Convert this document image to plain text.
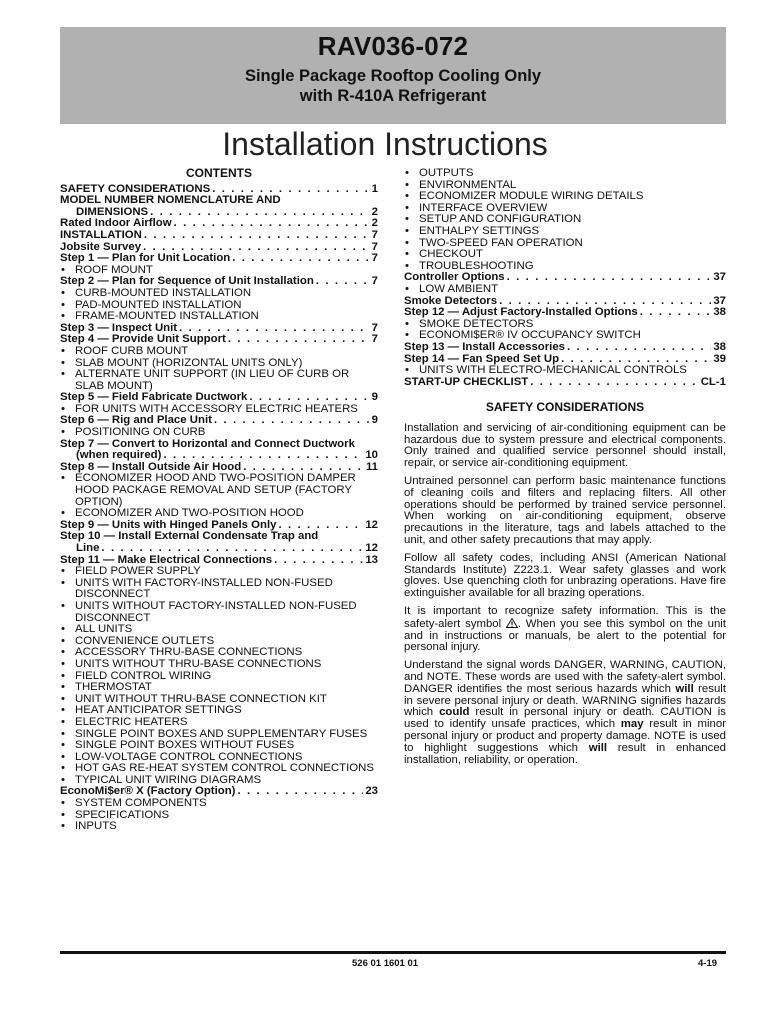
RAV036-072
Single Package Rooftop Cooling Only
with R-410A Refrigerant
Installation Instructions
CONTENTS
SAFETY CONSIDERATIONS . . .	1
MODEL NUMBER NOMENCLATURE AND
DIMENSIONS . . .	2
Rated Indoor Airflow . . .	2
INSTALLATION . . .	7
Jobsite Survey . . .	7
Step 1 — Plan for Unit Location . . .	7
• ROOF MOUNT
Step 2 — Plan for Sequence of Unit Installation . . .	7
• CURB-MOUNTED INSTALLATION
• PAD-MOUNTED INSTALLATION
• FRAME-MOUNTED INSTALLATION
Step 3 — Inspect Unit . . .	7
Step 4 — Provide Unit Support . . .	7
• ROOF CURB MOUNT
• SLAB MOUNT (HORIZONTAL UNITS ONLY)
• ALTERNATE UNIT SUPPORT (IN LIEU OF CURB OR SLAB MOUNT)
Step 5 — Field Fabricate Ductwork . . .	9
• FOR UNITS WITH ACCESSORY ELECTRIC HEATERS
Step 6 — Rig and Place Unit . . .	9
• POSITIONING ON CURB
Step 7 — Convert to Horizontal and Connect Ductwork
(when required) . . .	10
Step 8 — Install Outside Air Hood . . .	11
• ECONOMIZER HOOD AND TWO-POSITION DAMPER HOOD PACKAGE REMOVAL AND SETUP (FACTORY OPTION)
• ECONOMIZER AND TWO-POSITION HOOD
Step 9 — Units with Hinged Panels Only . . .	12
Step 10 — Install External Condensate Trap and
Line . . .	12
Step 11 — Make Electrical Connections . . .	13
• FIELD POWER SUPPLY
• UNITS WITH FACTORY-INSTALLED NON-FUSED DISCONNECT
• UNITS WITHOUT FACTORY-INSTALLED NON-FUSED DISCONNECT
• ALL UNITS
• CONVENIENCE OUTLETS
• ACCESSORY THRU-BASE CONNECTIONS
• UNITS WITHOUT THRU-BASE CONNECTIONS
• FIELD CONTROL WIRING
• THERMOSTAT
• UNIT WITHOUT THRU-BASE CONNECTION KIT
• HEAT ANTICIPATOR SETTINGS
• ELECTRIC HEATERS
• SINGLE POINT BOXES AND SUPPLEMENTARY FUSES
• SINGLE POINT BOXES WITHOUT FUSES
• LOW-VOLTAGE CONTROL CONNECTIONS
• HOT GAS RE-HEAT SYSTEM CONTROL CONNECTIONS
• TYPICAL UNIT WIRING DIAGRAMS
EconoMi$er® X (Factory Option) . . .	23
• SYSTEM COMPONENTS
• SPECIFICATIONS
• INPUTS
• OUTPUTS
• ENVIRONMENTAL
• ECONOMIZER MODULE WIRING DETAILS
• INTERFACE OVERVIEW
• SETUP AND CONFIGURATION
• ENTHALPY SETTINGS
• TWO-SPEED FAN OPERATION
• CHECKOUT
• TROUBLESHOOTING
Controller Options . . .	37
• LOW AMBIENT
Smoke Detectors . . .	37
Step 12 — Adjust Factory-Installed Options . . .	38
• SMOKE DETECTORS
• ECONOMI$ER® IV OCCUPANCY SWITCH
Step 13 — Install Accessories . . .	38
Step 14 — Fan Speed Set Up . . .	39
• UNITS WITH ELECTRO-MECHANICAL CONTROLS
START-UP CHECKLIST . . .	CL-1
SAFETY CONSIDERATIONS

Installation and servicing of air-conditioning equipment can be hazardous due to system pressure and electrical components. Only trained and qualified service personnel should install, repair, or service air-conditioning equipment.

Untrained personnel can perform basic maintenance functions of cleaning coils and filters and replacing filters. All other operations should be performed by trained service personnel. When working on air-conditioning equipment, observe precautions in the literature, tags and labels attached to the unit, and other safety precautions that may apply.

Follow all safety codes, including ANSI (American National Standards Institute) Z223.1. Wear safety glasses and work gloves. Use quenching cloth for unbrazing operations. Have fire extinguisher available for all brazing operations.

It is important to recognize safety information. This is the safety-alert symbol . When you see this symbol on the unit and in instructions or manuals, be alert to the potential for personal injury.

Understand the signal words DANGER, WARNING, CAUTION, and NOTE. These words are used with the safety-alert symbol. DANGER identifies the most serious hazards which will result in severe personal injury or death. WARNING signifies hazards which could result in personal injury or death. CAUTION is used to identify unsafe practices, which may result in minor personal injury or product and property damage. NOTE is used to highlight suggestions which will result in enhanced installation, reliability, or operation.

526 01 1601 01	4-19
